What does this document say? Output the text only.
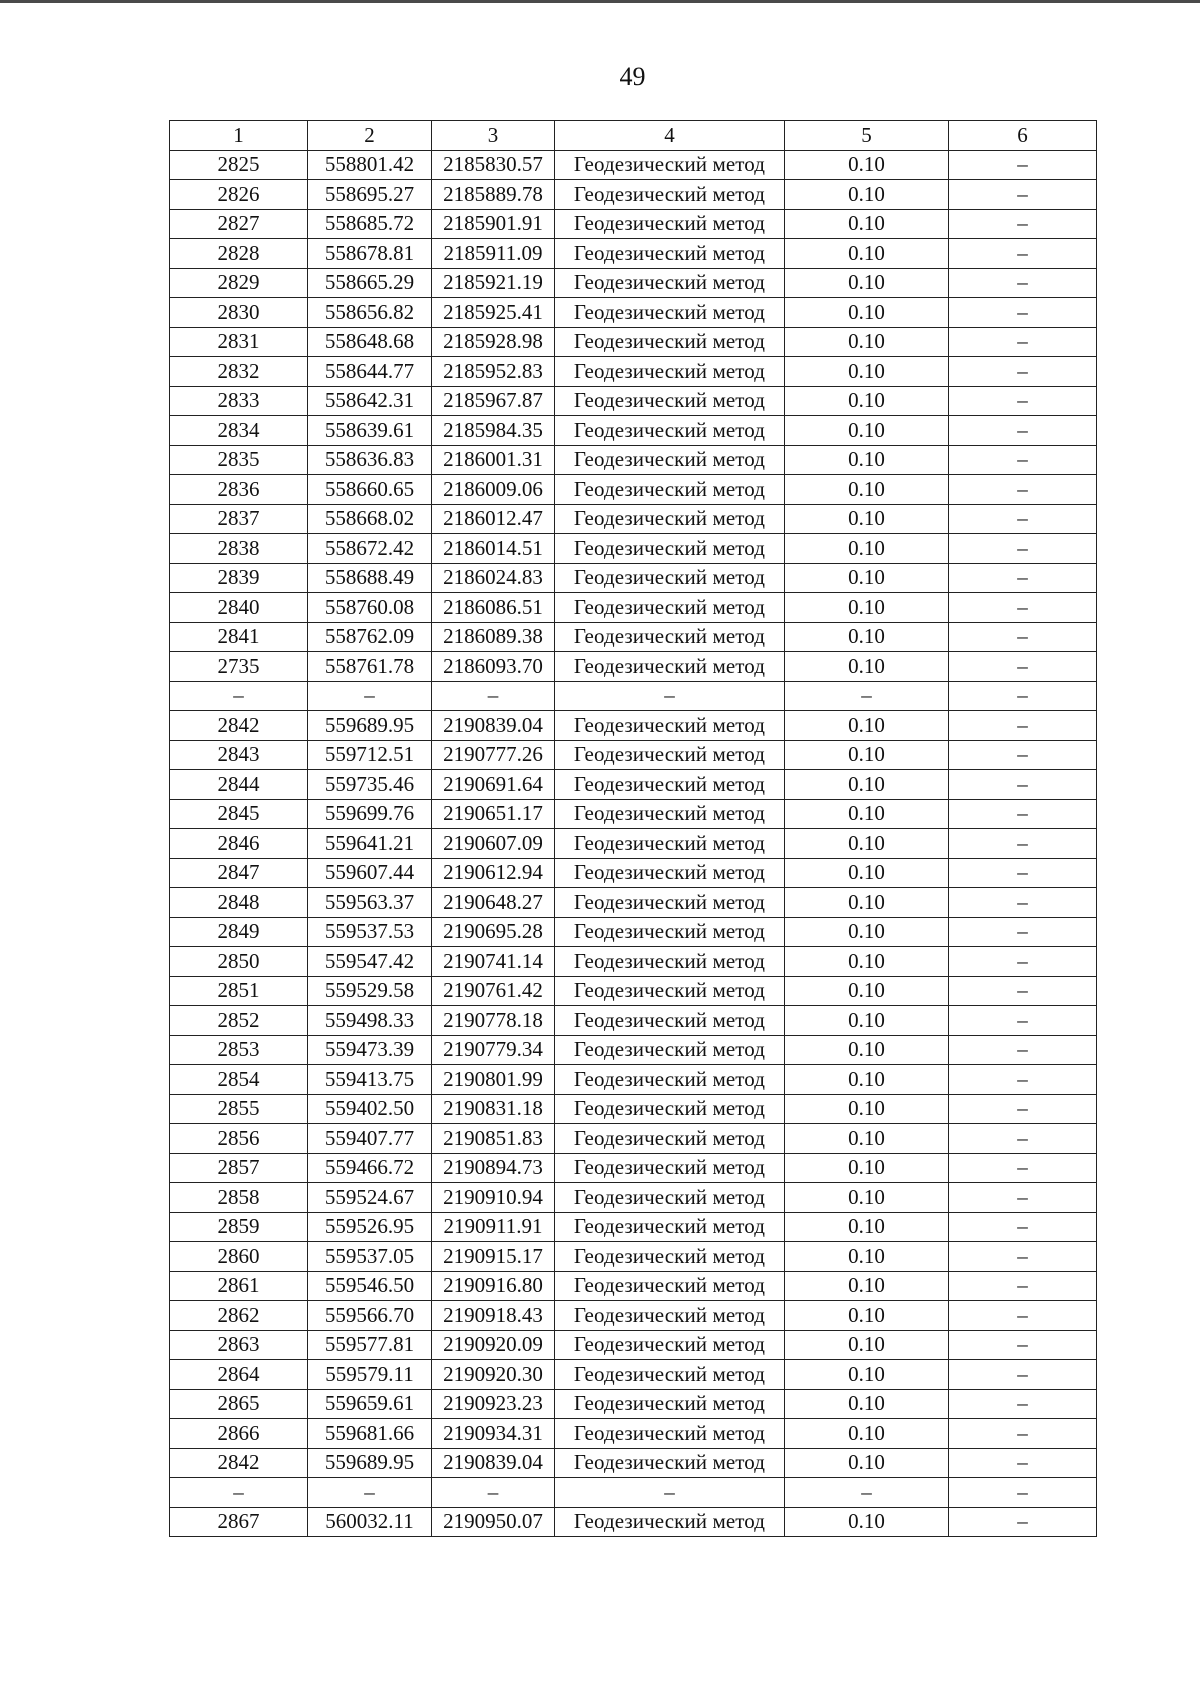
49
1	2	3	4	5	6
2825	558801.42	2185830.57	Геодезический метод	0.10	–
2826	558695.27	2185889.78	Геодезический метод	0.10	–
2827	558685.72	2185901.91	Геодезический метод	0.10	–
2828	558678.81	2185911.09	Геодезический метод	0.10	–
2829	558665.29	2185921.19	Геодезический метод	0.10	–
2830	558656.82	2185925.41	Геодезический метод	0.10	–
2831	558648.68	2185928.98	Геодезический метод	0.10	–
2832	558644.77	2185952.83	Геодезический метод	0.10	–
2833	558642.31	2185967.87	Геодезический метод	0.10	–
2834	558639.61	2185984.35	Геодезический метод	0.10	–
2835	558636.83	2186001.31	Геодезический метод	0.10	–
2836	558660.65	2186009.06	Геодезический метод	0.10	–
2837	558668.02	2186012.47	Геодезический метод	0.10	–
2838	558672.42	2186014.51	Геодезический метод	0.10	–
2839	558688.49	2186024.83	Геодезический метод	0.10	–
2840	558760.08	2186086.51	Геодезический метод	0.10	–
2841	558762.09	2186089.38	Геодезический метод	0.10	–
2735	558761.78	2186093.70	Геодезический метод	0.10	–
–	–	–	–	–	–
2842	559689.95	2190839.04	Геодезический метод	0.10	–
2843	559712.51	2190777.26	Геодезический метод	0.10	–
2844	559735.46	2190691.64	Геодезический метод	0.10	–
2845	559699.76	2190651.17	Геодезический метод	0.10	–
2846	559641.21	2190607.09	Геодезический метод	0.10	–
2847	559607.44	2190612.94	Геодезический метод	0.10	–
2848	559563.37	2190648.27	Геодезический метод	0.10	–
2849	559537.53	2190695.28	Геодезический метод	0.10	–
2850	559547.42	2190741.14	Геодезический метод	0.10	–
2851	559529.58	2190761.42	Геодезический метод	0.10	–
2852	559498.33	2190778.18	Геодезический метод	0.10	–
2853	559473.39	2190779.34	Геодезический метод	0.10	–
2854	559413.75	2190801.99	Геодезический метод	0.10	–
2855	559402.50	2190831.18	Геодезический метод	0.10	–
2856	559407.77	2190851.83	Геодезический метод	0.10	–
2857	559466.72	2190894.73	Геодезический метод	0.10	–
2858	559524.67	2190910.94	Геодезический метод	0.10	–
2859	559526.95	2190911.91	Геодезический метод	0.10	–
2860	559537.05	2190915.17	Геодезический метод	0.10	–
2861	559546.50	2190916.80	Геодезический метод	0.10	–
2862	559566.70	2190918.43	Геодезический метод	0.10	–
2863	559577.81	2190920.09	Геодезический метод	0.10	–
2864	559579.11	2190920.30	Геодезический метод	0.10	–
2865	559659.61	2190923.23	Геодезический метод	0.10	–
2866	559681.66	2190934.31	Геодезический метод	0.10	–
2842	559689.95	2190839.04	Геодезический метод	0.10	–
–	–	–	–	–	–
2867	560032.11	2190950.07	Геодезический метод	0.10	–
